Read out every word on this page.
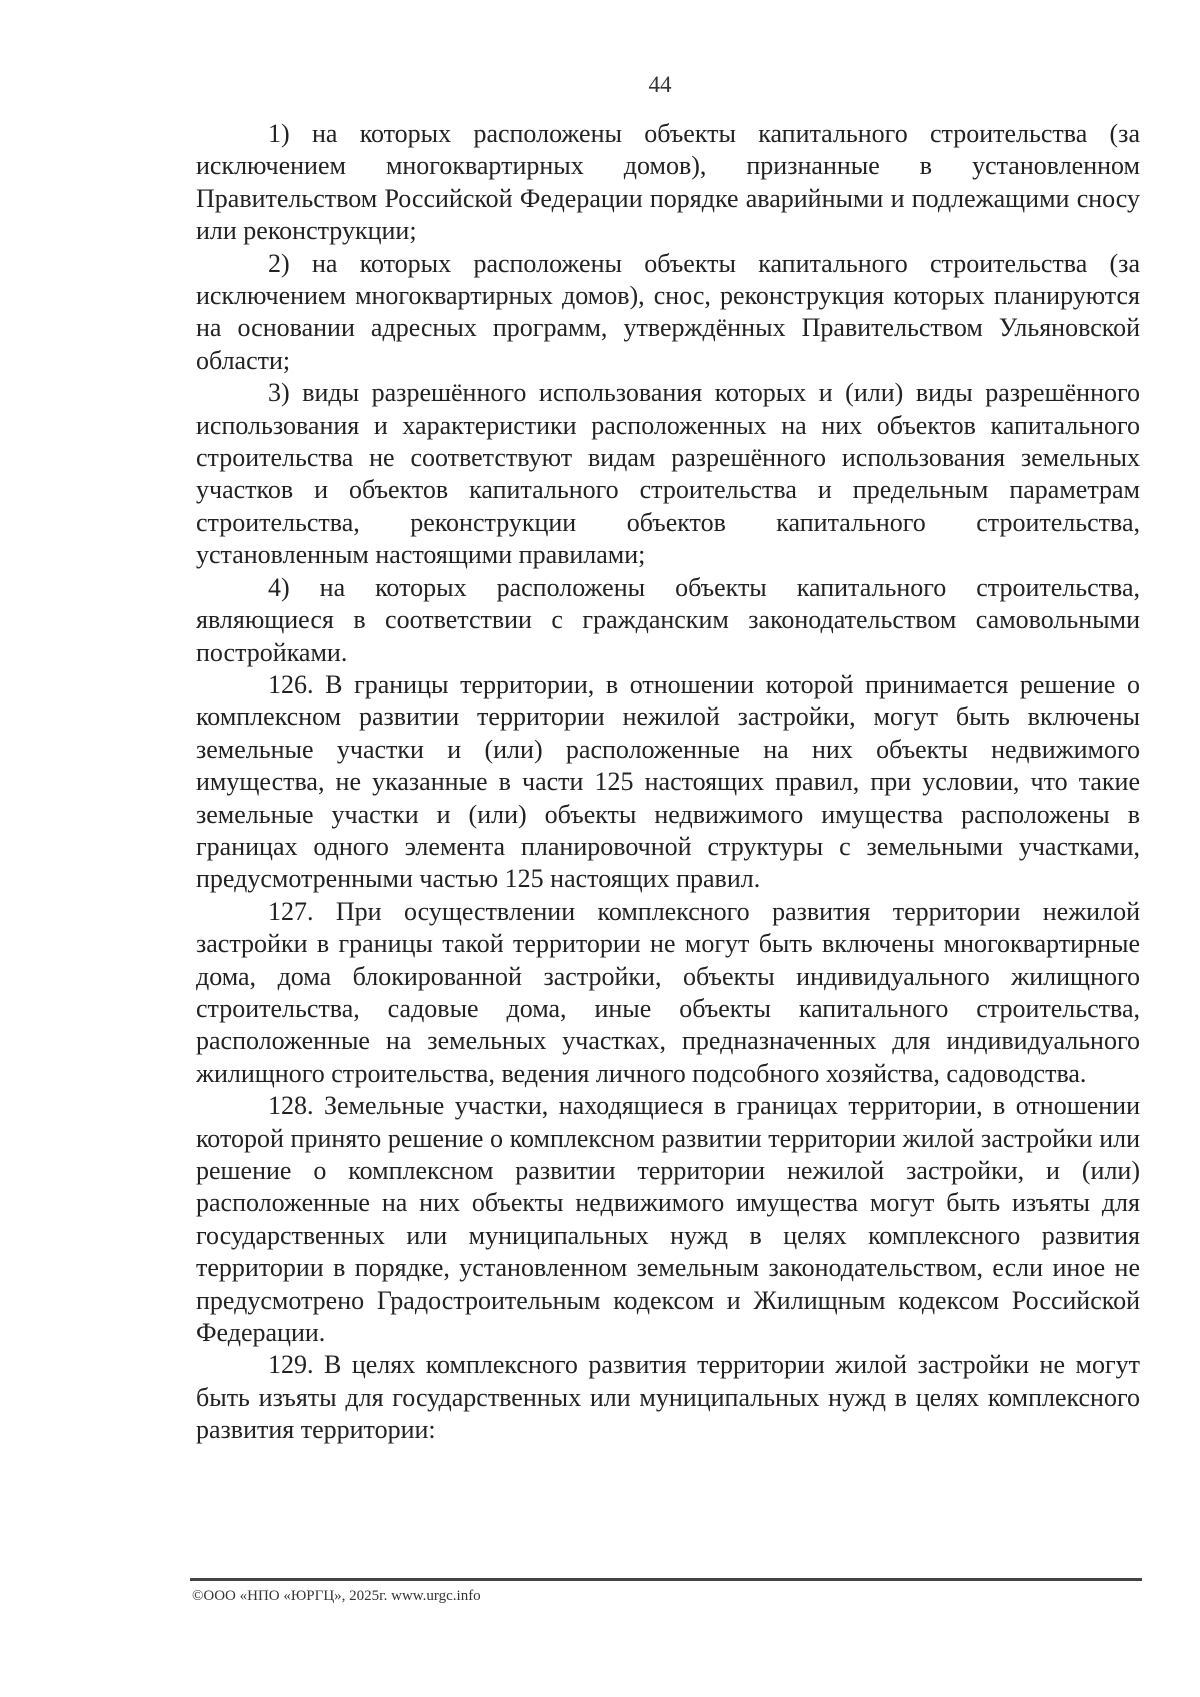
44

1) на которых расположены объекты капитального строительства (за исключением многоквартирных домов), признанные в установленном Правительством Российской Федерации порядке аварийными и подлежащими сносу или реконструкции;

2) на которых расположены объекты капитального строительства (за исключением многоквартирных домов), снос, реконструкция которых планируются на основании адресных программ, утверждённых Правительством Ульяновской области;

3) виды разрешённого использования которых и (или) виды разрешённого использования и характеристики расположенных на них объектов капитального строительства не соответствуют видам разрешённого использования земельных участков и объектов капитального строительства и предельным параметрам строительства, реконструкции объектов капитального строительства, установленным настоящими правилами;

4) на которых расположены объекты капитального строительства, являющиеся в соответствии с гражданским законодательством самовольными постройками.

126. В границы территории, в отношении которой принимается решение о комплексном развитии территории нежилой застройки, могут быть включены земельные участки и (или) расположенные на них объекты недвижимого имущества, не указанные в части 125 настоящих правил, при условии, что такие земельные участки и (или) объекты недвижимого имущества расположены в границах одного элемента планировочной структуры с земельными участками, предусмотренными частью 125 настоящих правил.

127. При осуществлении комплексного развития территории нежилой застройки в границы такой территории не могут быть включены многоквартирные дома, дома блокированной застройки, объекты индивидуального жилищного строительства, садовые дома, иные объекты капитального строительства, расположенные на земельных участках, предназначенных для индивидуального жилищного строительства, ведения личного подсобного хозяйства, садоводства.

128. Земельные участки, находящиеся в границах территории, в отношении которой принято решение о комплексном развитии территории жилой застройки или решение о комплексном развитии территории нежилой застройки, и (или) расположенные на них объекты недвижимого имущества могут быть изъяты для государственных или муниципальных нужд в целях комплексного развития территории в порядке, установленном земельным законодательством, если иное не предусмотрено Градостроительным кодексом и Жилищным кодексом Российской Федерации.

129. В целях комплексного развития территории жилой застройки не могут быть изъяты для государственных или муниципальных нужд в целях комплексного развития территории:

©ООО «НПО «ЮРГЦ», 2025г. www.urgc.info
